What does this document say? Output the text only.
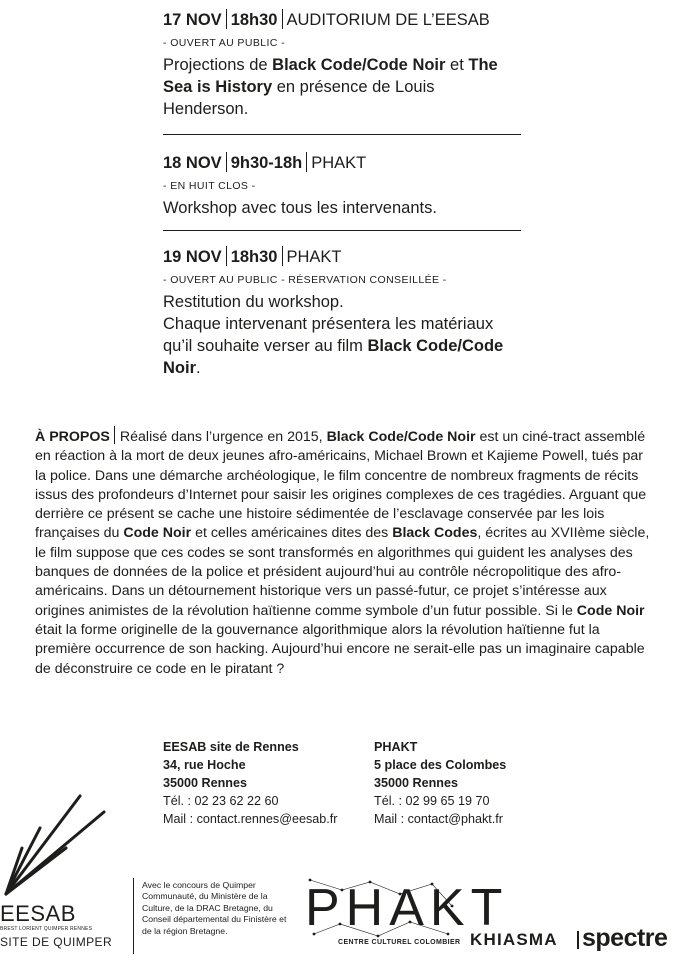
17 NOV 18h30 AUDITORIUM DE L’EESAB
- OUVERT AU PUBLIC -
Projections de Black Code/Code Noir et The Sea is History en présence de Louis Henderson.
18 NOV 9h30-18h PHAKT
- EN HUIT CLOS -
Workshop avec tous les intervenants.
19 NOV 18h30 PHAKT
- OUVERT AU PUBLIC - RÉSERVATION CONSEILLÉE -
Restitution du workshop.
Chaque intervenant présentera les matériaux qu’il souhaite verser au film Black Code/Code Noir.
À PROPOS Réalisé dans l’urgence en 2015, Black Code/Code Noir est un ciné-tract assemblé en réaction à la mort de deux jeunes afro-américains, Michael Brown et Kajieme Powell, tués par la police. Dans une démarche archéologique, le film concentre de nombreux fragments de récits issus des profondeurs d’Internet pour saisir les origines complexes de ces tragédies. Arguant que derrière ce présent se cache une histoire sédimentée de l’esclavage conservée par les lois françaises du Code Noir et celles américaines dites des Black Codes, écrites au XVIIème siècle, le film suppose que ces codes se sont transformés en algorithmes qui guident les analyses des banques de données de la police et président aujourd’hui au contrôle nécropolitique des afro-américains. Dans un détournement historique vers un passé-futur, ce projet s’intéresse aux origines animistes de la révolution haïtienne comme symbole d’un futur possible. Si le Code Noir était la forme originelle de la gouvernance algorithmique alors la révolution haïtienne fut la première occurrence de son hacking. Aujourd’hui encore ne serait-elle pas un imaginaire capable de déconstruire ce code en le piratant ?
EESAB site de Rennes
34, rue Hoche
35000 Rennes
Tél. : 02 23 62 22 60
Mail : contact.rennes@eesab.fr
PHAKT
5 place des Colombes
35000 Rennes
Tél. : 02 99 65 19 70
Mail : contact@phakt.fr
EESAB
BREST LORIENT QUIMPER RENNES
SITE DE QUIMPER
Avec le concours de Quimper Communauté, du Ministère de la Culture, de la DRAC Bretagne, du Conseil départemental du Finistère et de la région Bretagne.	PHAKT
CENTRE CULTUREL COLOMBIER KHIASMA spectre
